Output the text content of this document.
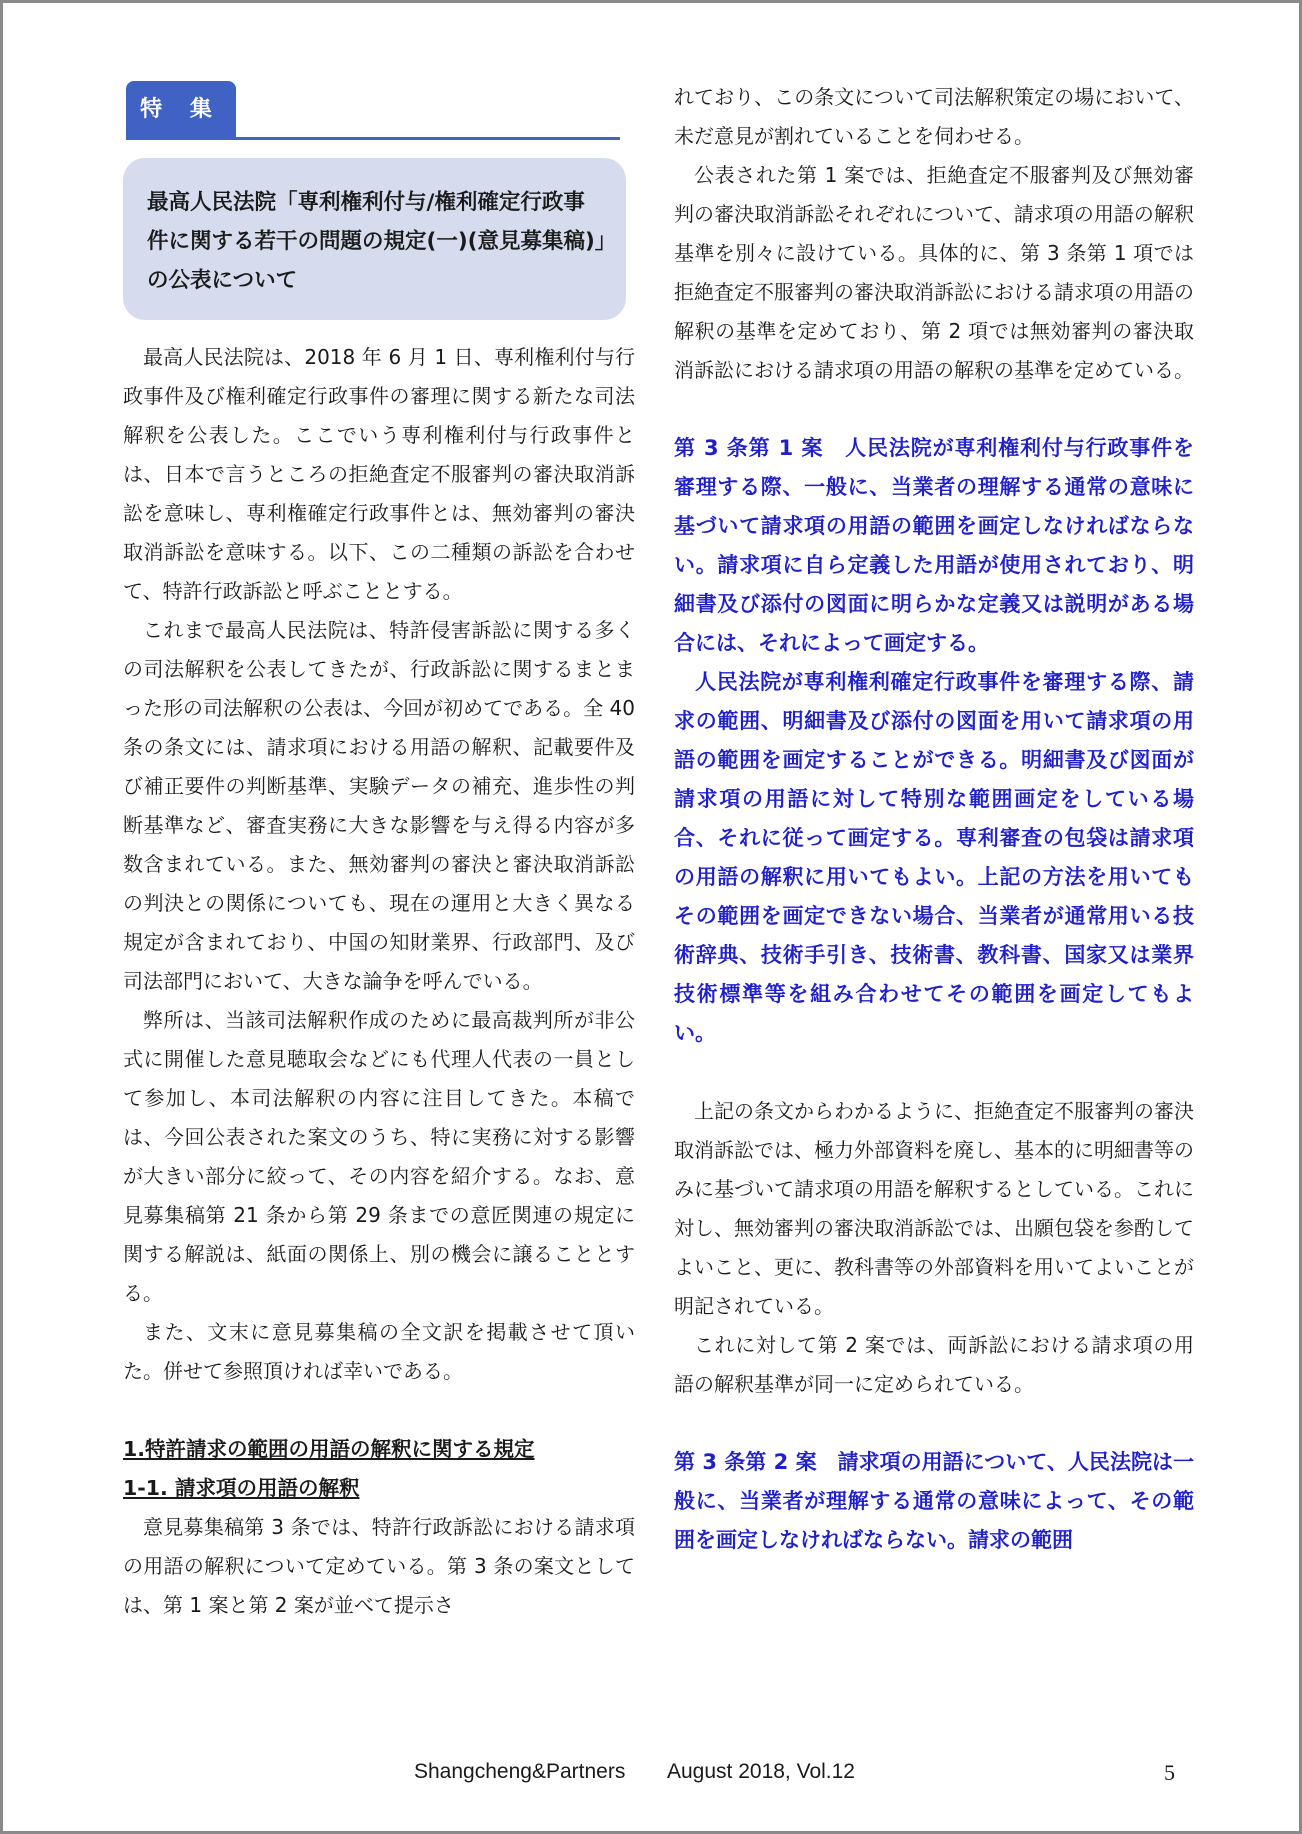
特 集
最高人民法院「専利権利付与/権利確定行政事件に関する若干の問題の規定(一)(意見募集稿)」の公表について

最高人民法院は、2018 年 6 月 1 日、専利権利付与行政事件及び権利確定行政事件の審理に関する新たな司法解釈を公表した。ここでいう専利権利付与行政事件とは、日本で言うところの拒絶査定不服審判の審決取消訴訟を意味し、専利権確定行政事件とは、無効審判の審決取消訴訟を意味する。以下、この二種類の訴訟を合わせて、特許行政訴訟と呼ぶこととする。

これまで最高人民法院は、特許侵害訴訟に関する多くの司法解釈を公表してきたが、行政訴訟に関するまとまった形の司法解釈の公表は、今回が初めてである。全 40 条の条文には、請求項における用語の解釈、記載要件及び補正要件の判断基準、実験データの補充、進歩性の判断基準など、審査実務に大きな影響を与え得る内容が多数含まれている。また、無効審判の審決と審決取消訴訟の判決との関係についても、現在の運用と大きく異なる規定が含まれており、中国の知財業界、行政部門、及び司法部門において、大きな論争を呼んでいる。

弊所は、当該司法解釈作成のために最高裁判所が非公式に開催した意見聴取会などにも代理人代表の一員として参加し、本司法解釈の内容に注目してきた。本稿では、今回公表された案文のうち、特に実務に対する影響が大きい部分に絞って、その内容を紹介する。なお、意見募集稿第 21 条から第 29 条までの意匠関連の規定に関する解説は、紙面の関係上、別の機会に譲ることとする。

また、文末に意見募集稿の全文訳を掲載させて頂いた。併せて参照頂ければ幸いである。

1.特許請求の範囲の用語の解釈に関する規定

1-1. 請求項の用語の解釈

意見募集稿第 3 条では、特許行政訴訟における請求項の用語の解釈について定めている。第 3 条の案文としては、第 1 案と第 2 案が並べて提示さ

れており、この条文について司法解釈策定の場において、未だ意見が割れていることを伺わせる。

公表された第 1 案では、拒絶査定不服審判及び無効審判の審決取消訴訟それぞれについて、請求項の用語の解釈基準を別々に設けている。具体的に、第 3 条第 1 項では拒絶査定不服審判の審決取消訴訟における請求項の用語の解釈の基準を定めており、第 2 項では無効審判の審決取消訴訟における請求項の用語の解釈の基準を定めている。

第 3 条第 1 案　人民法院が専利権利付与行政事件を審理する際、一般に、当業者の理解する通常の意味に基づいて請求項の用語の範囲を画定しなければならない。請求項に自ら定義した用語が使用されており、明細書及び添付の図面に明らかな定義又は説明がある場合には、それによって画定する。

人民法院が専利権利確定行政事件を審理する際、請求の範囲、明細書及び添付の図面を用いて請求項の用語の範囲を画定することができる。明細書及び図面が請求項の用語に対して特別な範囲画定をしている場合、それに従って画定する。専利審査の包袋は請求項の用語の解釈に用いてもよい。上記の方法を用いてもその範囲を画定できない場合、当業者が通常用いる技術辞典、技術手引き、技術書、教科書、国家又は業界技術標準等を組み合わせてその範囲を画定してもよい。

上記の条文からわかるように、拒絶査定不服審判の審決取消訴訟では、極力外部資料を廃し、基本的に明細書等のみに基づいて請求項の用語を解釈するとしている。これに対し、無効審判の審決取消訴訟では、出願包袋を参酌してよいこと、更に、教科書等の外部資料を用いてよいことが明記されている。

これに対して第 2 案では、両訴訟における請求項の用語の解釈基準が同一に定められている。

第 3 条第 2 案　請求項の用語について、人民法院は一般に、当業者が理解する通常の意味によって、その範囲を画定しなければならない。請求の範囲

Shangcheng&Partners August 2018, Vol.12	5
